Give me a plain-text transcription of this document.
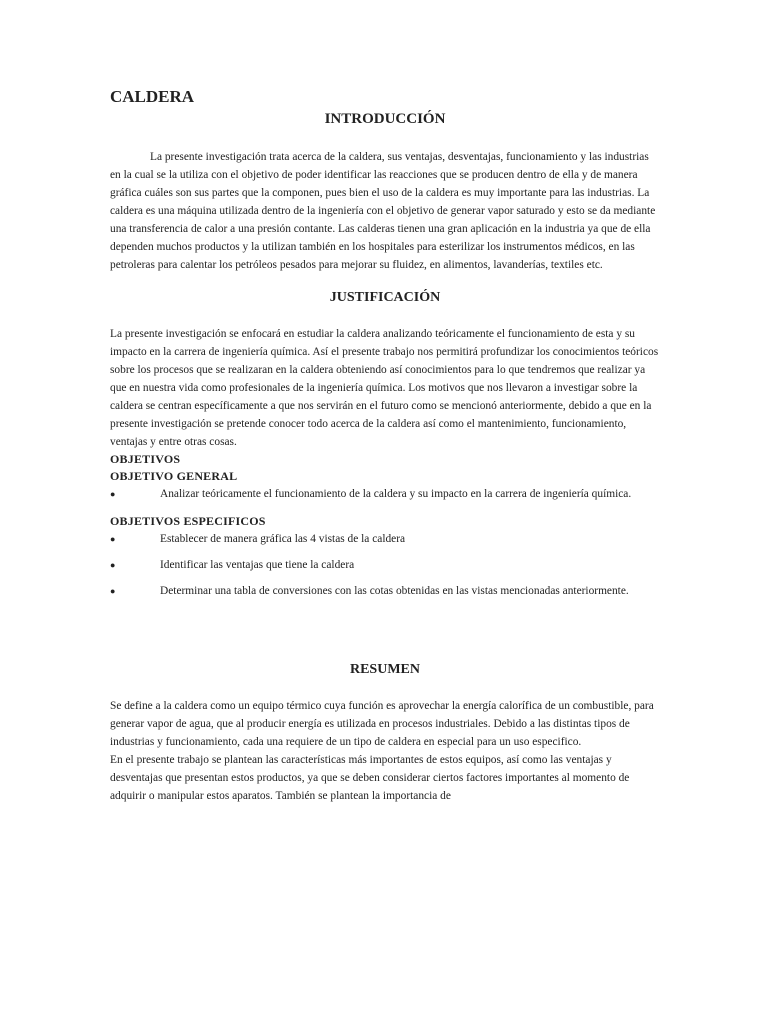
CALDERA
INTRODUCCIÓN

La presente investigación trata acerca de la caldera, sus ventajas, desventajas, funcionamiento y las industrias en la cual se la utiliza con el objetivo de poder identificar las reacciones que se producen dentro de ella y de manera gráfica cuáles son sus partes que la componen, pues bien el uso de la caldera es muy importante para las industrias. La caldera es una máquina utilizada dentro de la ingeniería con el objetivo de generar vapor saturado y esto se da mediante una transferencia de calor a una presión contante. Las calderas tienen una gran aplicación en la industria ya que de ella dependen muchos productos y la utilizan también en los hospitales para esterilizar los instrumentos médicos, en las petroleras para calentar los petróleos pesados para mejorar su fluidez, en alimentos, lavanderías, textiles etc.

JUSTIFICACIÓN

La presente investigación se enfocará en estudiar la caldera analizando teóricamente el funcionamiento de esta y su impacto en la carrera de ingeniería química. Así el presente trabajo nos permitirá profundizar los conocimientos teóricos sobre los procesos que se realizaran en la caldera obteniendo así conocimientos para lo que tendremos que realizar ya que en nuestra vida como profesionales de la ingeniería química. Los motivos que nos llevaron a investigar sobre la caldera se centran específicamente a que nos servirán en el futuro como se mencionó anteriormente, debido a que en la presente investigación se pretende conocer todo acerca de la caldera así como el mantenimiento, funcionamiento, ventajas y entre otras cosas.

OBJETIVOS
OBJETIVO GENERAL

●	Analizar teóricamente el funcionamiento de la caldera y su impacto en la carrera de ingeniería química.

OBJETIVOS ESPECIFICOS

●	Establecer de manera gráfica las 4 vistas de la caldera

●	Identificar las ventajas que tiene la caldera

●	Determinar una tabla de conversiones con las cotas obtenidas en las vistas mencionadas anteriormente.

RESUMEN

Se define a la caldera como un equipo térmico cuya función es aprovechar la energía calorífica de un combustible, para generar vapor de agua, que al producir energía es utilizada en procesos industriales. Debido a las distintas tipos de industrias y funcionamiento, cada una requiere de un tipo de caldera en especial para un uso especifico.

En el presente trabajo se plantean las características más importantes de estos equipos, así como las ventajas y desventajas que presentan estos productos, ya que se deben considerar ciertos factores importantes al momento de adquirir o manipular estos aparatos. También se plantean la importancia de
